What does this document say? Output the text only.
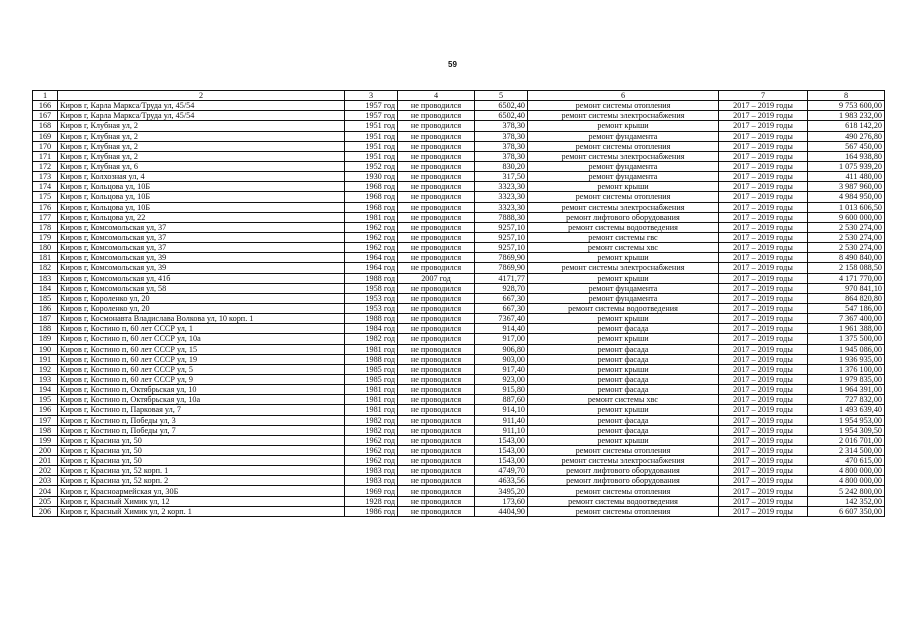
59
1	2	3	4	5	6	7	8
166	Киров г, Карла Маркса/Труда ул, 45/54	1957 год	не проводился	6502,40	ремонт системы отопления	2017 – 2019 годы	9 753 600,00
167	Киров г, Карла Маркса/Труда ул, 45/54	1957 год	не проводился	6502,40	ремонт системы электроснабжения	2017 – 2019 годы	1 983 232,00
168	Киров г, Клубная ул, 2	1951 год	не проводился	378,30	ремонт крыши	2017 – 2019 годы	618 142,20
169	Киров г, Клубная ул, 2	1951 год	не проводился	378,30	ремонт фундамента	2017 – 2019 годы	490 276,80
170	Киров г, Клубная ул, 2	1951 год	не проводился	378,30	ремонт системы отопления	2017 – 2019 годы	567 450,00
171	Киров г, Клубная ул, 2	1951 год	не проводился	378,30	ремонт системы электроснабжения	2017 – 2019 годы	164 938,80
172	Киров г, Клубная ул, 6	1952 год	не проводился	830,20	ремонт фундамента	2017 – 2019 годы	1 075 939,20
173	Киров г, Колхозная ул, 4	1930 год	не проводился	317,50	ремонт фундамента	2017 – 2019 годы	411 480,00
174	Киров г, Кольцова ул, 10Б	1968 год	не проводился	3323,30	ремонт крыши	2017 – 2019 годы	3 987 960,00
175	Киров г, Кольцова ул, 10Б	1968 год	не проводился	3323,30	ремонт системы отопления	2017 – 2019 годы	4 984 950,00
176	Киров г, Кольцова ул, 10Б	1968 год	не проводился	3323,30	ремонт системы электроснабжения	2017 – 2019 годы	1 013 606,50
177	Киров г, Кольцова ул, 22	1981 год	не проводился	7888,30	ремонт лифтового оборудования	2017 – 2019 годы	9 600 000,00
178	Киров г, Комсомольская ул, 37	1962 год	не проводился	9257,10	ремонт системы водоотведения	2017 – 2019 годы	2 530 274,00
179	Киров г, Комсомольская ул, 37	1962 год	не проводился	9257,10	ремонт системы гвс	2017 – 2019 годы	2 530 274,00
180	Киров г, Комсомольская ул, 37	1962 год	не проводился	9257,10	ремонт системы хвс	2017 – 2019 годы	2 530 274,00
181	Киров г, Комсомольская ул, 39	1964 год	не проводился	7869,90	ремонт крыши	2017 – 2019 годы	8 490 840,00
182	Киров г, Комсомольская ул, 39	1964 год	не проводился	7869,90	ремонт системы электроснабжения	2017 – 2019 годы	2 158 088,50
183	Киров г, Комсомольская ул, 41б	1988 год	2007 год	4171,77	ремонт крыши	2017 – 2019 годы	4 171 770,00
184	Киров г, Комсомольская ул, 58	1958 год	не проводился	928,70	ремонт фундамента	2017 – 2019 годы	970 841,10
185	Киров г, Короленко ул, 20	1953 год	не проводился	667,30	ремонт фундамента	2017 – 2019 годы	864 820,80
186	Киров г, Короленко ул, 20	1953 год	не проводился	667,30	ремонт системы водоотведения	2017 – 2019 годы	547 186,00
187	Киров г, Космонавта Владислава Волкова ул, 10 корп. 1	1988 год	не проводился	7367,40	ремонт крыши	2017 – 2019 годы	7 367 400,00
188	Киров г, Костино п, 60 лет СССР ул, 1	1984 год	не проводился	914,40	ремонт фасада	2017 – 2019 годы	1 961 388,00
189	Киров г, Костино п, 60 лет СССР ул, 10а	1982 год	не проводился	917,00	ремонт крыши	2017 – 2019 годы	1 375 500,00
190	Киров г, Костино п, 60 лет СССР ул, 15	1981 год	не проводился	906,80	ремонт фасада	2017 – 2019 годы	1 945 086,00
191	Киров г, Костино п, 60 лет СССР ул, 19	1988 год	не проводился	903,00	ремонт фасада	2017 – 2019 годы	1 936 935,00
192	Киров г, Костино п, 60 лет СССР ул, 5	1985 год	не проводился	917,40	ремонт крыши	2017 – 2019 годы	1 376 100,00
193	Киров г, Костино п, 60 лет СССР ул, 9	1985 год	не проводился	923,00	ремонт фасада	2017 – 2019 годы	1 979 835,00
194	Киров г, Костино п, Октябрьская ул, 10	1981 год	не проводился	915,80	ремонт фасада	2017 – 2019 годы	1 964 391,00
195	Киров г, Костино п, Октябрьская ул, 10а	1981 год	не проводился	887,60	ремонт системы хвс	2017 – 2019 годы	727 832,00
196	Киров г, Костино п, Парковая ул, 7	1981 год	не проводился	914,10	ремонт крыши	2017 – 2019 годы	1 493 639,40
197	Киров г, Костино п, Победы ул, 3	1982 год	не проводился	911,40	ремонт фасада	2017 – 2019 годы	1 954 953,00
198	Киров г, Костино п, Победы ул, 7	1982 год	не проводился	911,10	ремонт фасада	2017 – 2019 годы	1 954 309,50
199	Киров г, Красина ул, 50	1962 год	не проводился	1543,00	ремонт крыши	2017 – 2019 годы	2 016 701,00
200	Киров г, Красина ул, 50	1962 год	не проводился	1543,00	ремонт системы отопления	2017 – 2019 годы	2 314 500,00
201	Киров г, Красина ул, 50	1962 год	не проводился	1543,00	ремонт системы электроснабжения	2017 – 2019 годы	470 615,00
202	Киров г, Красина ул, 52 корп. 1	1983 год	не проводился	4749,70	ремонт лифтового оборудования	2017 – 2019 годы	4 800 000,00
203	Киров г, Красина ул, 52 корп. 2	1983 год	не проводился	4633,56	ремонт лифтового оборудования	2017 – 2019 годы	4 800 000,00
204	Киров г, Красноармейская ул, 30Б	1969 год	не проводился	3495,20	ремонт системы отопления	2017 – 2019 годы	5 242 800,00
205	Киров г, Красный Химик ул, 12	1928 год	не проводился	173,60	ремонт системы водоотведения	2017 – 2019 годы	142 352,00
206	Киров г, Красный Химик ул, 2 корп. 1	1986 год	не проводился	4404,90	ремонт системы отопления	2017 – 2019 годы	6 607 350,00
